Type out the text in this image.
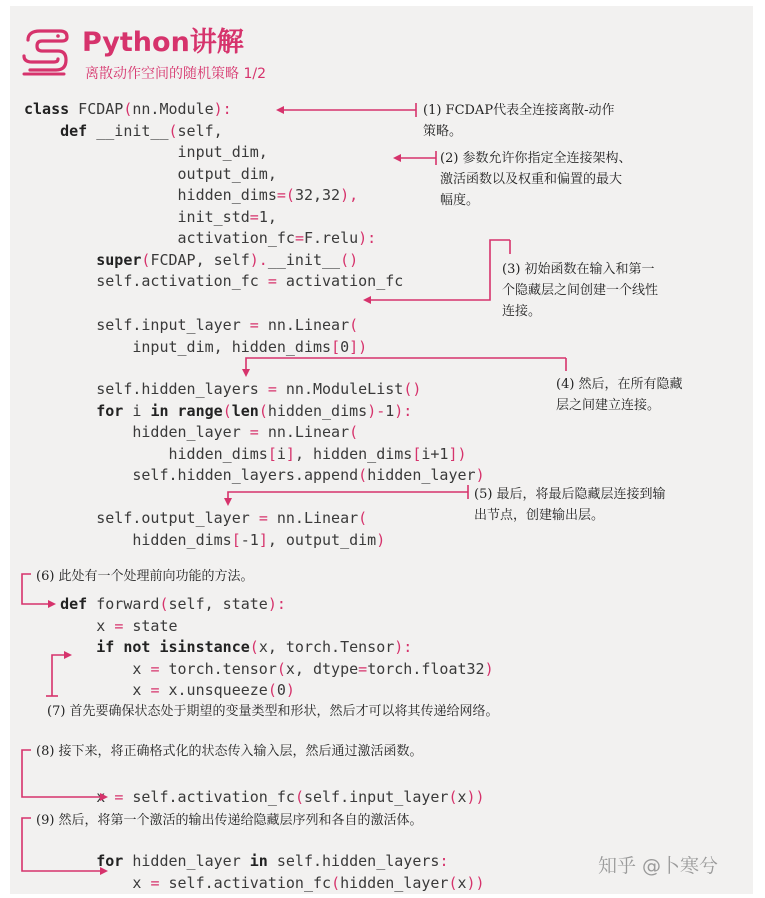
Python讲解
离散动作空间的随机策略 1/2
class FCDAP(nn.Module):
def __init__(self,
input_dim,
output_dim,
hidden_dims=(32,32),
init_std=1,
activation_fc=F.relu):
super(FCDAP, self).__init__()
self.activation_fc = activation_fc
self.input_layer = nn.Linear(
input_dim, hidden_dims[0])
self.hidden_layers = nn.ModuleList()
for i in range(len(hidden_dims)-1):
hidden_layer = nn.Linear(
hidden_dims[i], hidden_dims[i+1])
self.hidden_layers.append(hidden_layer)
self.output_layer = nn.Linear(
hidden_dims[-1], output_dim)
def forward(self, state):
x = state
if not isinstance(x, torch.Tensor):
x = torch.tensor(x, dtype=torch.float32)
x = x.unsqueeze(0)
x = self.activation_fc(self.input_layer(x))
for hidden_layer in self.hidden_layers:
x = self.activation_fc(hidden_layer(x))
(1) FCDAP代表全连接离散-动作
策略。
(2) 参数允许你指定全连接架构、
激活函数以及权重和偏置的最大
幅度。
(3) 初始函数在输入和第一
个隐藏层之间创建一个线性
连接。
(4) 然后，在所有隐藏
层之间建立连接。
(5) 最后，将最后隐藏层连接到输
出节点，创建输出层。
(6) 此处有一个处理前向功能的方法。
(7) 首先要确保状态处于期望的变量类型和形状，然后才可以将其传递给网络。
(8) 接下来，将正确格式化的状态传入输入层，然后通过激活函数。
(9) 然后，将第一个激活的输出传递给隐藏层序列和各自的激活体。
知乎 @卜寒兮
